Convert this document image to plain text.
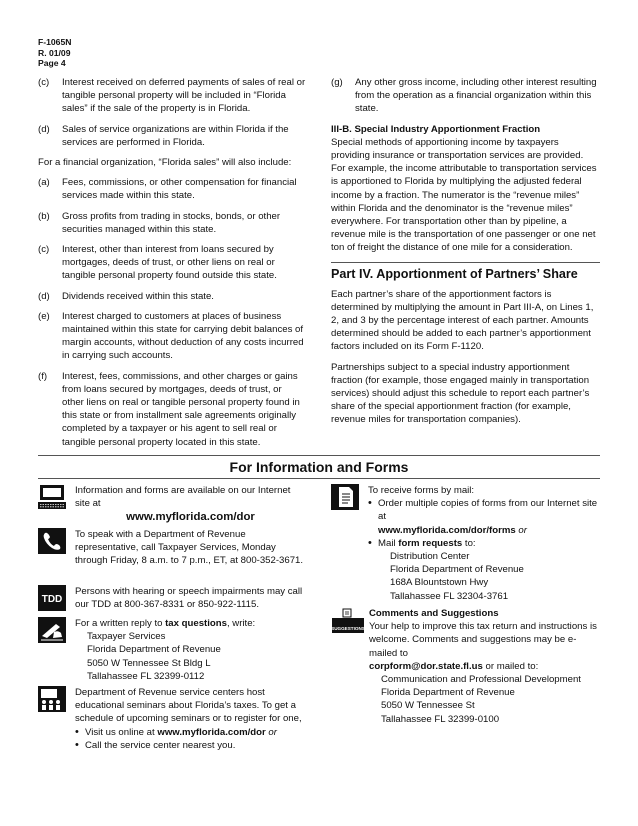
F-1065N
R. 01/09
Page 4
(c)	Interest received on deferred payments of sales of real or tangible personal property will be included in “Florida sales” if the sale of the property is in Florida.
(d)	Sales of service organizations are within Florida if the services are performed in Florida.
For a financial organization, “Florida sales” will also include:
(a)	Fees, commissions, or other compensation for financial services made within this state.
(b)	Gross profits from trading in stocks, bonds, or other securities managed within this state.
(c)	Interest, other than interest from loans secured by mortgages, deeds of trust, or other liens on real or tangible personal property found outside this state.
(d)	Dividends received within this state.
(e)	Interest charged to customers at places of business maintained within this state for carrying debit balances of margin accounts, without deduction of any costs incurred in carrying such accounts.
(f)	Interest, fees, commissions, and other charges or gains from loans secured by mortgages, deeds of trust, or other liens on real or tangible personal property found in this state or from installment sale agreements originally completed by a taxpayer or his agent to sell real or tangible personal property located in this state.
(g)	Any other gross income, including other interest resulting from the operation as a financial organization within this state.
III-B. Special Industry Apportionment Fraction
Special methods of apportioning income by taxpayers providing insurance or transportation services are provided. For example, the income attributable to transportation services is apportioned to Florida by multiplying the adjusted federal income by a fraction. The numerator is the “revenue miles” within Florida and the denominator is the “revenue miles” everywhere. For transportation other than by pipeline, a revenue mile is the transportation of one passenger or one net ton of freight the distance of one mile for a consideration.
Part IV. Apportionment of Partners’ Share
Each partner’s share of the apportionment factors is determined by multiplying the amount in Part III-A, on Lines 1, 2, and 3 by the percentage interest of each partner. Amounts determined should be added to each partner’s apportionment factors included on its Form F-1120.
Partnerships subject to a special industry apportionment fraction (for example, those engaged mainly in transportation services) should adjust this schedule to report each partner’s share of the special apportionment fraction (for example, revenue miles for transportation companies).
For Information and Forms
Information and forms are available on our Internet site at
www.myflorida.com/dor
To speak with a Department of Revenue representative, call Taxpayer Services, Monday through Friday, 8 a.m. to 7 p.m., ET, at 800-352-3671.
TDD
Persons with hearing or speech impairments may call our TDD at 800-367-8331 or 850-922-1115.
For a written reply to tax questions, write:
Taxpayer Services
Florida Department of Revenue
5050 W Tennessee St Bldg L
Tallahassee FL 32399-0112
Department of Revenue service centers host educational seminars about Florida’s taxes. To get a schedule of upcoming seminars or to register for one,
• Visit us online at www.myflorida.com/dor or
• Call the service center nearest you.
To receive forms by mail:
• Order multiple copies of forms from our Internet site at
www.myflorida.com/dor/forms or
• Mail form requests to:
Distribution Center
Florida Department of Revenue
168A Blountstown Hwy
Tallahassee FL 32304-3761
SUGGESTIONS
Comments and Suggestions
Your help to improve this tax return and instructions is welcome. Comments and suggestions may be e-mailed to
corpform@dor.state.fl.us or mailed to:
Communication and Professional Development
Florida Department of Revenue
5050 W Tennessee St
Tallahassee FL 32399-0100
